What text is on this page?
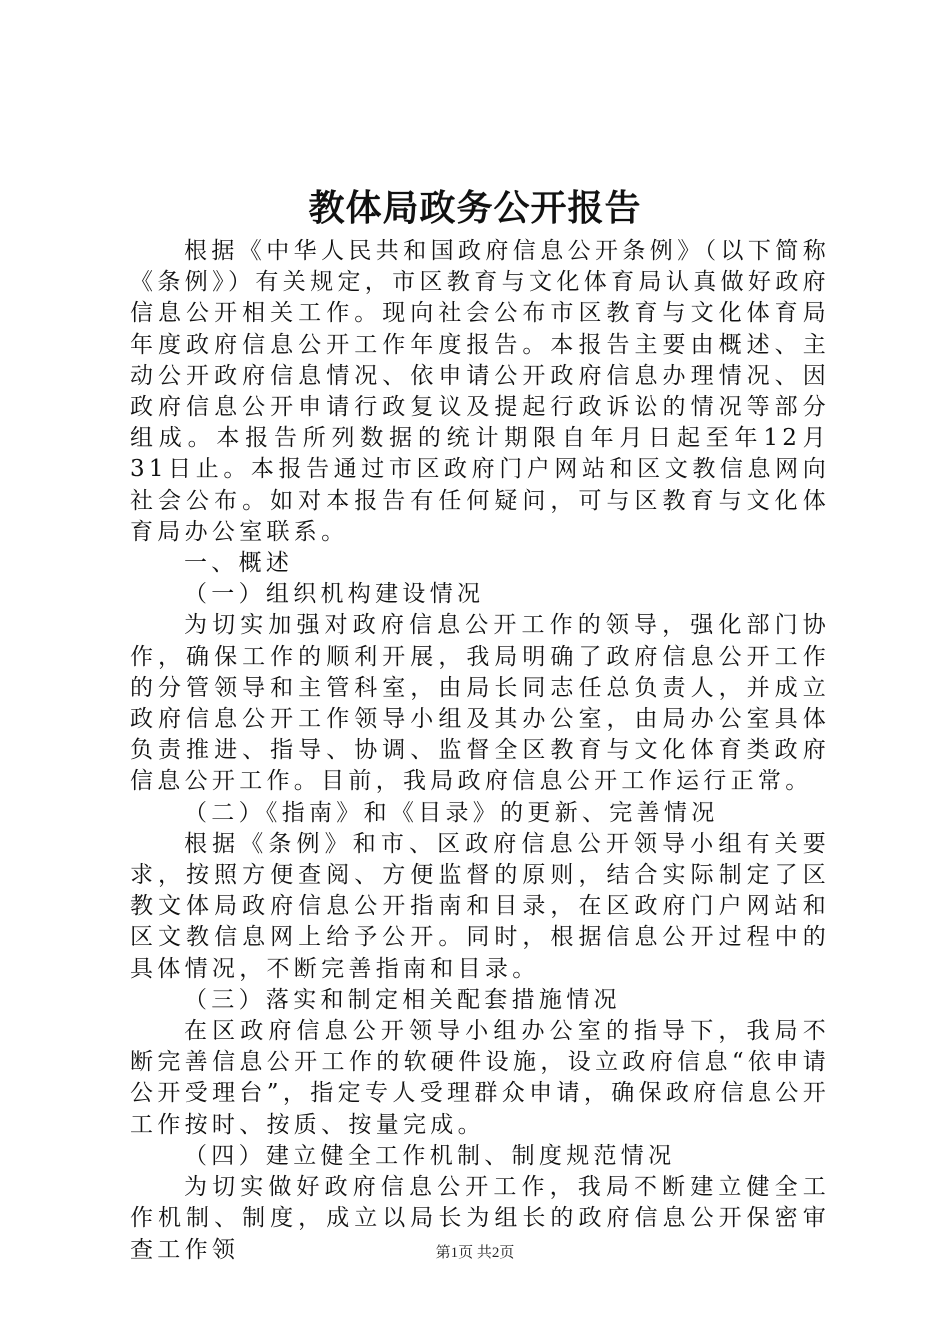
教体局政务公开报告

根据《中华人民共和国政府信息公开条例》（以下简称《条例》）有关规定，市区教育与文化体育局认真做好政府信息公开相关工作。现向社会公布市区教育与文化体育局年度政府信息公开工作年度报告。本报告主要由概述、主动公开政府信息情况、依申请公开政府信息办理情况、因政府信息公开申请行政复议及提起行政诉讼的情况等部分组成。本报告所列数据的统计期限自年月日起至年12月31日止。本报告通过市区政府门户网站和区文教信息网向社会公布。如对本报告有任何疑问，可与区教育与文化体育局办公室联系。

一、概述

（一）组织机构建设情况

为切实加强对政府信息公开工作的领导，强化部门协作，确保工作的顺利开展，我局明确了政府信息公开工作的分管领导和主管科室，由局长同志任总负责人，并成立政府信息公开工作领导小组及其办公室，由局办公室具体负责推进、指导、协调、监督全区教育与文化体育类政府信息公开工作。目前，我局政府信息公开工作运行正常。

（二）《指南》和《目录》的更新、完善情况

根据《条例》和市、区政府信息公开领导小组有关要求，按照方便查阅、方便监督的原则，结合实际制定了区教文体局政府信息公开指南和目录，在区政府门户网站和区文教信息网上给予公开。同时，根据信息公开过程中的具体情况，不断完善指南和目录。

（三）落实和制定相关配套措施情况

在区政府信息公开领导小组办公室的指导下，我局不断完善信息公开工作的软硬件设施，设立政府信息“依申请公开受理台”，指定专人受理群众申请，确保政府信息公开工作按时、按质、按量完成。

（四）建立健全工作机制、制度规范情况

为切实做好政府信息公开工作，我局不断建立健全工作机制、制度，成立以局长为组长的政府信息公开保密审查工作领	第1页 共2页
